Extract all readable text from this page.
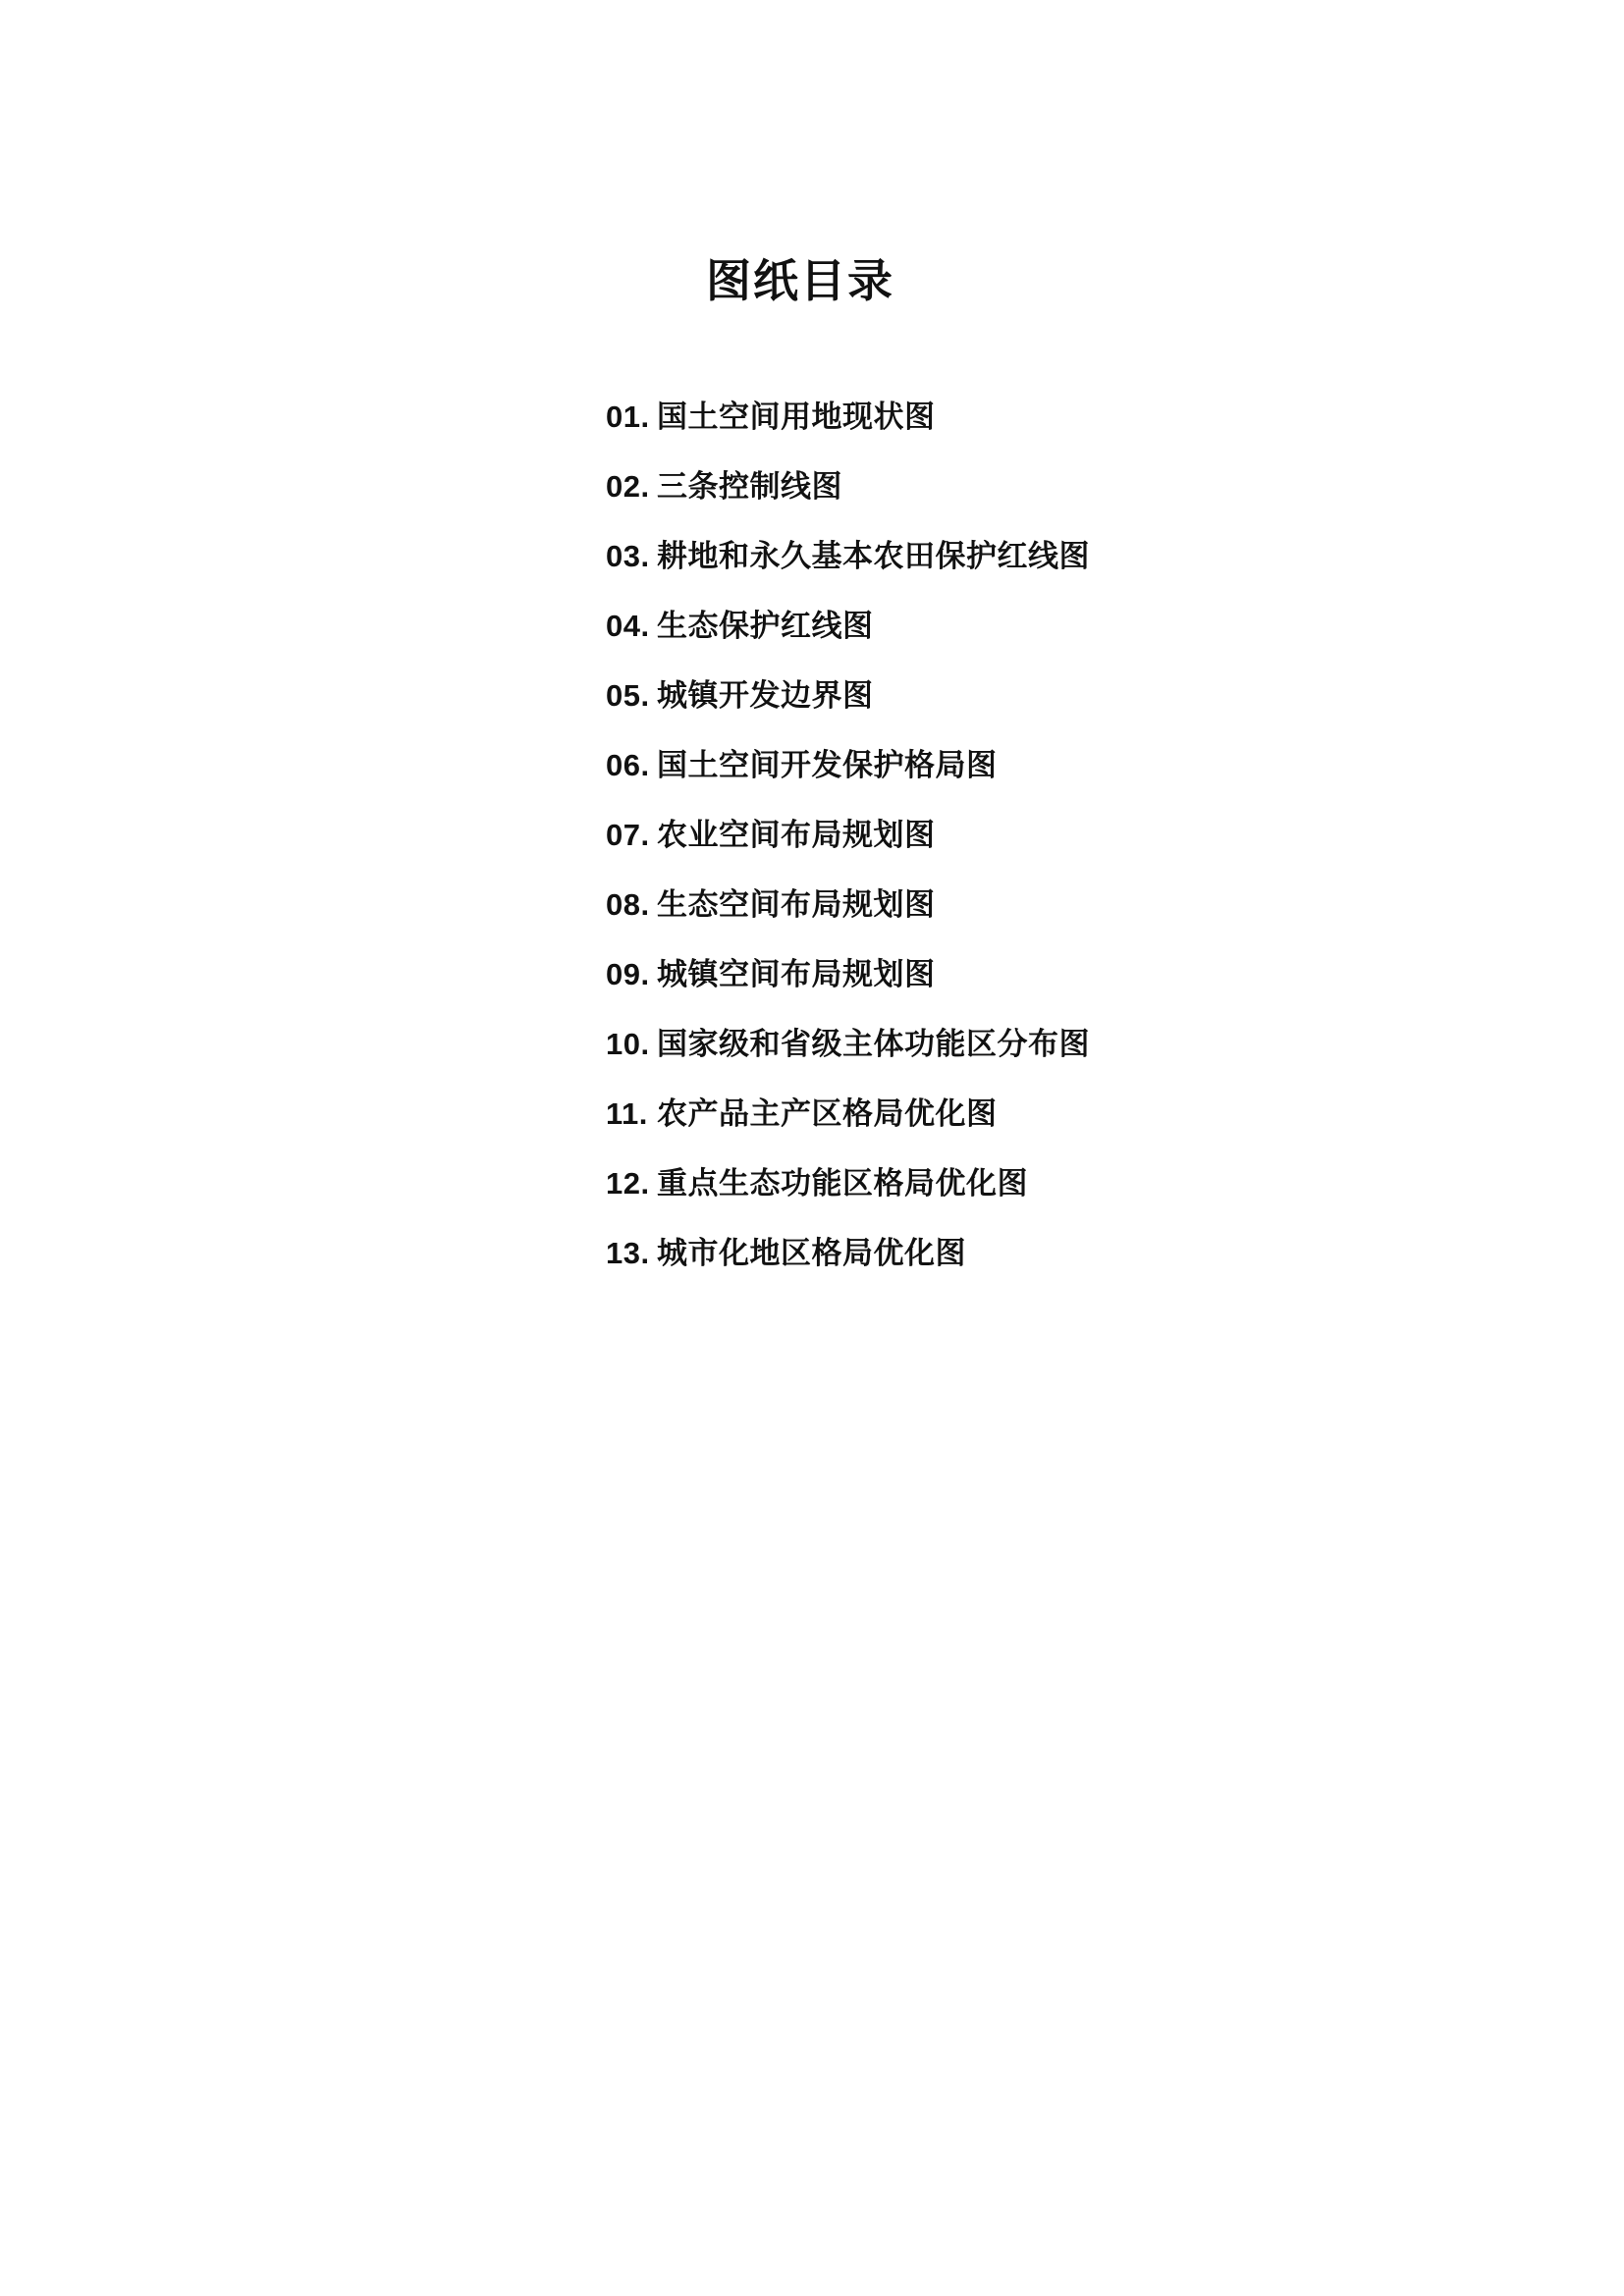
图纸目录
01. 国土空间用地现状图
02. 三条控制线图
03. 耕地和永久基本农田保护红线图
04. 生态保护红线图
05. 城镇开发边界图
06. 国土空间开发保护格局图
07. 农业空间布局规划图
08. 生态空间布局规划图
09. 城镇空间布局规划图
10. 国家级和省级主体功能区分布图
11. 农产品主产区格局优化图
12. 重点生态功能区格局优化图
13. 城市化地区格局优化图
